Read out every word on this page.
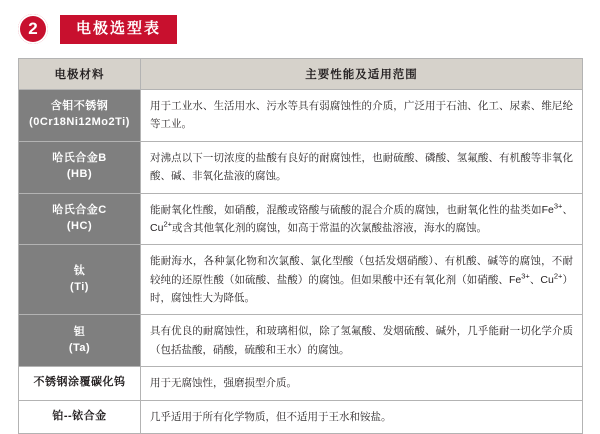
2	电极选型表
电极材料	主要性能及适用范围

含钼不锈钢
(0Cr18Ni12Mo2Ti)	用于工业水、生活用水、污水等具有弱腐蚀性的介质，广泛用于石油、化工、尿素、维尼纶等工业。

哈氏合金B
(HB)	对沸点以下一切浓度的盐酸有良好的耐腐蚀性，也耐硫酸、磷酸、氢氟酸、有机酸等非氧化酸、碱、非氧化盐液的腐蚀。

哈氏合金C
(HC)	能耐氧化性酸，如硝酸，混酸或铬酸与硫酸的混合介质的腐蚀，也耐氧化性的盐类如$Fe^{3+}$、$Cu^{2+}$或含其他氧化剂的腐蚀，如高于常温的次氯酸盐溶液，海水的腐蚀。

钛
(Ti)	能耐海水，各种氯化物和次氯酸、氯化型酸（包括发烟硝酸）、有机酸、碱等的腐蚀，不耐较纯的还原性酸（如硫酸、盐酸）的腐蚀。但如果酸中还有氧化剂（如硝酸、$Fe^{3+}$、$Cu^{2+}$）时，腐蚀性大为降低。

钽
(Ta)	具有优良的耐腐蚀性，和玻璃相似，除了氢氟酸、发烟硫酸、碱外，几乎能耐一切化学介质（包括盐酸，硝酸，硫酸和王水）的腐蚀。
不锈钢涂覆碳化钨	用于无腐蚀性，强磨损型介质。
铂--铱合金	几乎适用于所有化学物质，但不适用于王水和铵盐。
